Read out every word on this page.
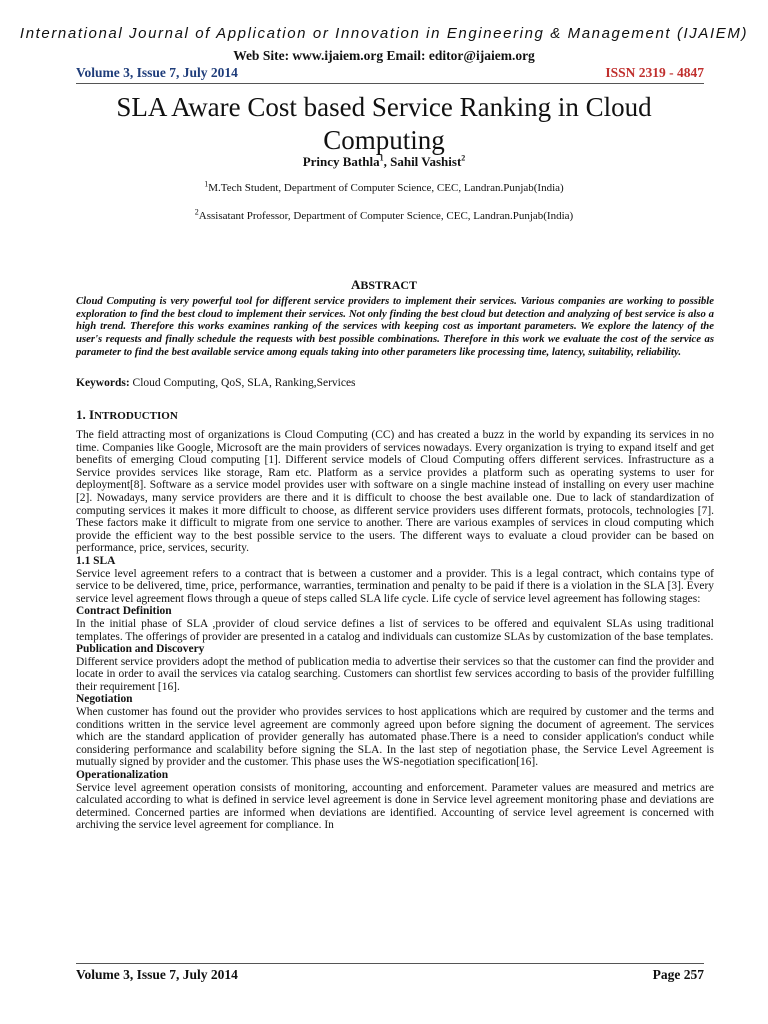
International Journal of Application or Innovation in Engineering & Management (IJAIEM)
Web Site: www.ijaiem.org Email: editor@ijaiem.org
Volume 3, Issue 7, July 2014	ISSN 2319 - 4847
SLA Aware Cost based Service Ranking in Cloud Computing
Princy Bathla$^1$, Sahil Vashist$^2$
$^1$M.Tech Student, Department of Computer Science, CEC, Landran.Punjab(India)
$^2$Assisatant Professor, Department of Computer Science, CEC, Landran.Punjab(India)
ABSTRACT
Cloud Computing is very powerful tool for different service providers to implement their services. Various companies are working to possible exploration to find the best cloud to implement their services. Not only finding the best cloud but detection and analyzing of best service is also a high trend. Therefore this works examines ranking of the services with keeping cost as important parameters. We explore the latency of the user's requests and finally schedule the requests with best possible combinations. Therefore in this work we evaluate the cost of the service as parameter to find the best available service among equals taking into other parameters like processing time, latency, suitability, reliability.
Keywords: Cloud Computing, QoS, SLA, Ranking,Services
1. INTRODUCTION

The field attracting most of organizations is Cloud Computing (CC) and has created a buzz in the world by expanding its services in no time. Companies like Google, Microsoft are the main providers of services nowadays. Every organization is trying to expand itself and get benefits of emerging Cloud computing [1]. Different service models of Cloud Computing offers different services. Infrastructure as a Service provides services like storage, Ram etc. Platform as a service provides a platform such as operating systems to user for deployment[8]. Software as a service model provides user with software on a single machine instead of installing on every user machine [2]. Nowadays, many service providers are there and it is difficult to choose the best available one. Due to lack of standardization of computing services it makes it more difficult to choose, as different service providers uses different formats, protocols, technologies [7]. These factors make it difficult to migrate from one service to another. There are various examples of services in cloud computing which provide the efficient way to the best possible service to the users. The different ways to evaluate a cloud provider can be based on performance, price, services, security.

1.1 SLA

Service level agreement refers to a contract that is between a customer and a provider. This is a legal contract, which contains type of service to be delivered, time, price, performance, warranties, termination and penalty to be paid if there is a violation in the SLA [3]. Every service level agreement flows through a queue of steps called SLA life cycle. Life cycle of service level agreement has following stages:

Contract Definition

In the initial phase of SLA ,provider of cloud service defines a list of services to be offered and equivalent SLAs using traditional templates. The offerings of provider are presented in a catalog and individuals can customize SLAs by customization of the base templates.

Publication and Discovery

Different service providers adopt the method of publication media to advertise their services so that the customer can find the provider and locate in order to avail the services via catalog searching. Customers can shortlist few services according to basis of the provider fulfilling their requirement [16].

Negotiation

When customer has found out the provider who provides services to host applications which are required by customer and the terms and conditions written in the service level agreement are commonly agreed upon before signing the document of agreement. The services which are the standard application of provider generally has automated phase.There is a need to consider application's conduct while considering performance and scalability before signing the SLA. In the last step of negotiation phase, the Service Level Agreement is mutually signed by provider and the customer. This phase uses the WS-negotiation specification[16].

Operationalization

Service level agreement operation consists of monitoring, accounting and enforcement. Parameter values are measured and metrics are calculated according to what is defined in service level agreement is done in Service level agreement monitoring phase and deviations are determined. Concerned parties are informed when deviations are identified. Accounting of service level agreement is concerned with archiving the service level agreement for compliance. In

Volume 3, Issue 7, July 2014	Page 257
